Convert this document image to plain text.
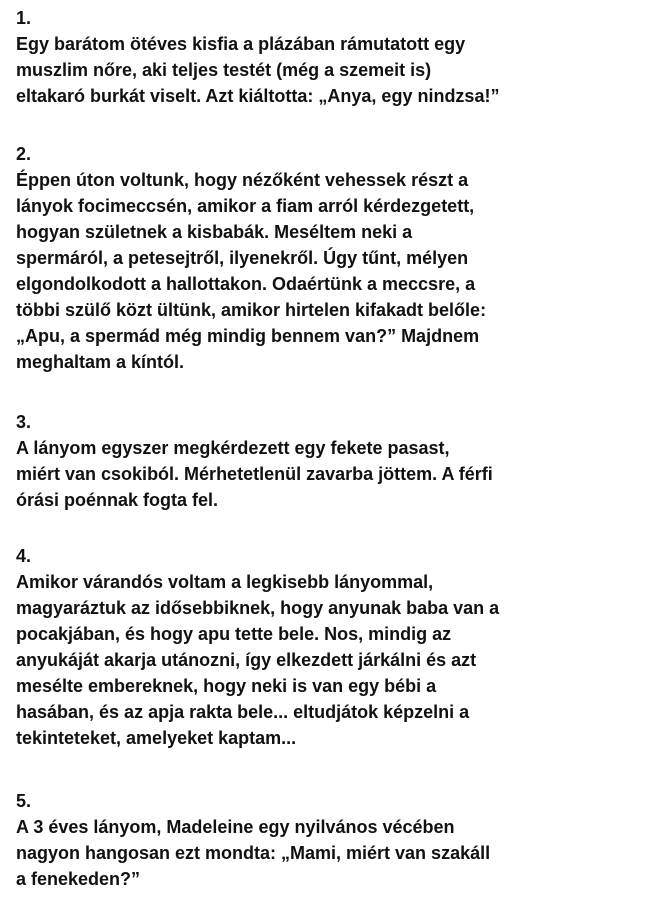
1.
Egy barátom ötéves kisfia a plázában rámutatott egy
muszlim nőre, aki teljes testét (még a szemeit is)
eltakaró burkát viselt. Azt kiáltotta: „Anya, egy nindzsa!”
2.
Éppen úton voltunk, hogy nézőként vehessek részt a
lányok focimeccsén, amikor a fiam arról kérdezgetett,
hogyan születnek a kisbabák. Meséltem neki a
spermáról, a petesejtről, ilyenekről. Úgy tűnt, mélyen
elgondolkodott a hallottakon. Odaértünk a meccsre, a
többi szülő közt ültünk, amikor hirtelen kifakadt belőle:
„Apu, a spermád még mindig bennem van?” Majdnem
meghaltam a kíntól.
3.
A lányom egyszer megkérdezett egy fekete pasast,
miért van csokiból. Mérhetetlenül zavarba jöttem. A férfi
órási poénnak fogta fel.
4.
Amikor várandós voltam a legkisebb lányommal,
magyaráztuk az idősebbiknek, hogy anyunak baba van a
pocakjában, és hogy apu tette bele. Nos, mindig az
anyukáját akarja utánozni, így elkezdett járkálni és azt
mesélte embereknek, hogy neki is van egy bébi a
hasában, és az apja rakta bele... eltudjátok képzelni a
tekinteteket, amelyeket kaptam...
5.
A 3 éves lányom, Madeleine egy nyilvános vécében
nagyon hangosan ezt mondta: „Mami, miért van szakáll
a fenekeden?”
